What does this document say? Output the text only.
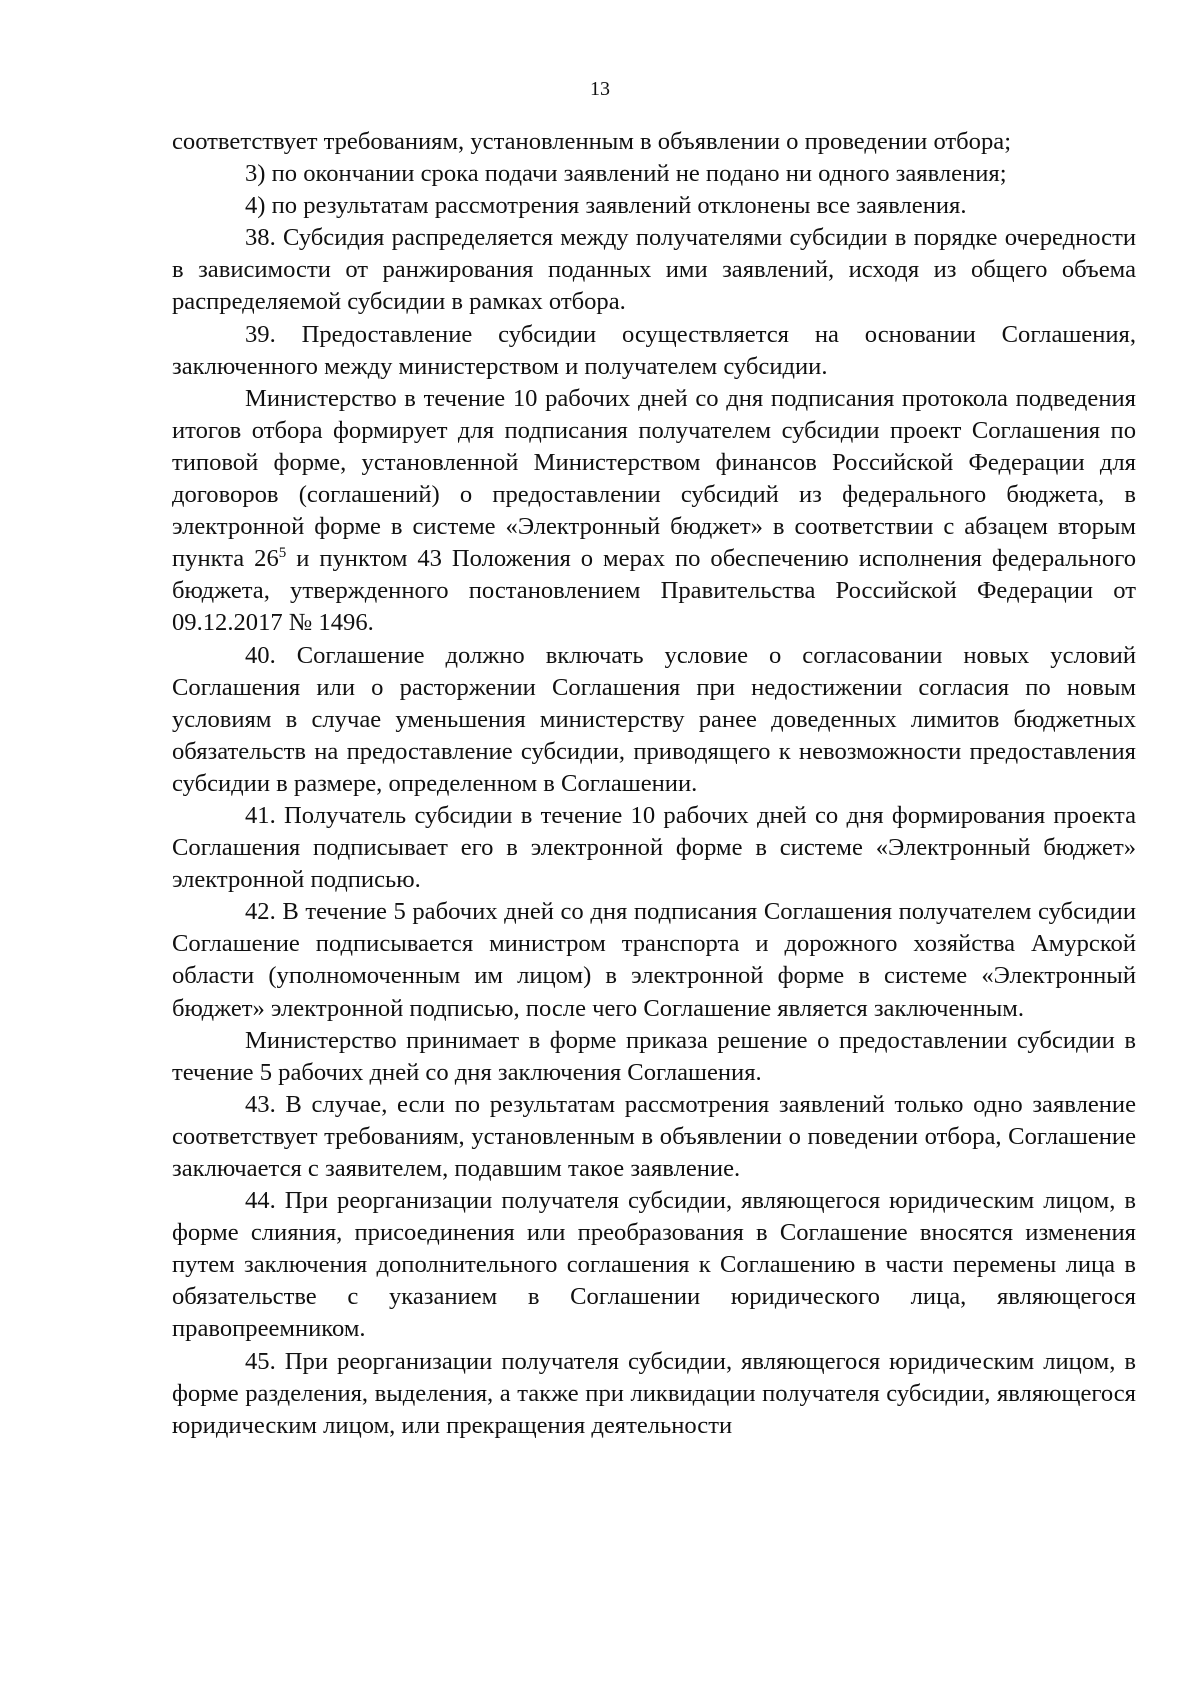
13

соответствует требованиям, установленным в объявлении о проведении отбора;

3) по окончании срока подачи заявлений не подано ни одного заявления;

4) по результатам рассмотрения заявлений отклонены все заявления.

38. Субсидия распределяется между получателями субсидии в порядке очередности в зависимости от ранжирования поданных ими заявлений, исходя из общего объема распределяемой субсидии в рамках отбора.

39. Предоставление субсидии осуществляется на основании Соглашения, заключенного между министерством и получателем субсидии.

Министерство в течение 10 рабочих дней со дня подписания протокола подведения итогов отбора формирует для подписания получателем субсидии проект Соглашения по типовой форме, установленной Министерством финансов Российской Федерации для договоров (соглашений) о предоставлении субсидий из федерального бюджета, в электронной форме в системе «Электронный бюджет» в соответствии с абзацем вторым пункта $26^5$ и пунктом 43 Положения о мерах по обеспечению исполнения федерального бюджета, утвержденного постановлением Правительства Российской Федерации от 09.12.2017 № 1496.

40. Соглашение должно включать условие о согласовании новых условий Соглашения или о расторжении Соглашения при недостижении согласия по новым условиям в случае уменьшения министерству ранее доведенных лимитов бюджетных обязательств на предоставление субсидии, приводящего к невозможности предоставления субсидии в размере, определенном в Соглашении.

41. Получатель субсидии в течение 10 рабочих дней со дня формирования проекта Соглашения подписывает его в электронной форме в системе «Электронный бюджет» электронной подписью.

42. В течение 5 рабочих дней со дня подписания Соглашения получателем субсидии Соглашение подписывается министром транспорта и дорожного хозяйства Амурской области (уполномоченным им лицом) в электронной форме в системе «Электронный бюджет» электронной подписью, после чего Соглашение является заключенным.

Министерство принимает в форме приказа решение о предоставлении субсидии в течение 5 рабочих дней со дня заключения Соглашения.

43. В случае, если по результатам рассмотрения заявлений только одно заявление соответствует требованиям, установленным в объявлении о поведении отбора, Соглашение заключается с заявителем, подавшим такое заявление.

44. При реорганизации получателя субсидии, являющегося юридическим лицом, в форме слияния, присоединения или преобразования в Соглашение вносятся изменения путем заключения дополнительного соглашения к Соглашению в части перемены лица в обязательстве с указанием в Соглашении юридического лица, являющегося правопреемником.

45. При реорганизации получателя субсидии, являющегося юридическим лицом, в форме разделения, выделения, а также при ликвидации получателя субсидии, являющегося юридическим лицом, или прекращения деятельности
